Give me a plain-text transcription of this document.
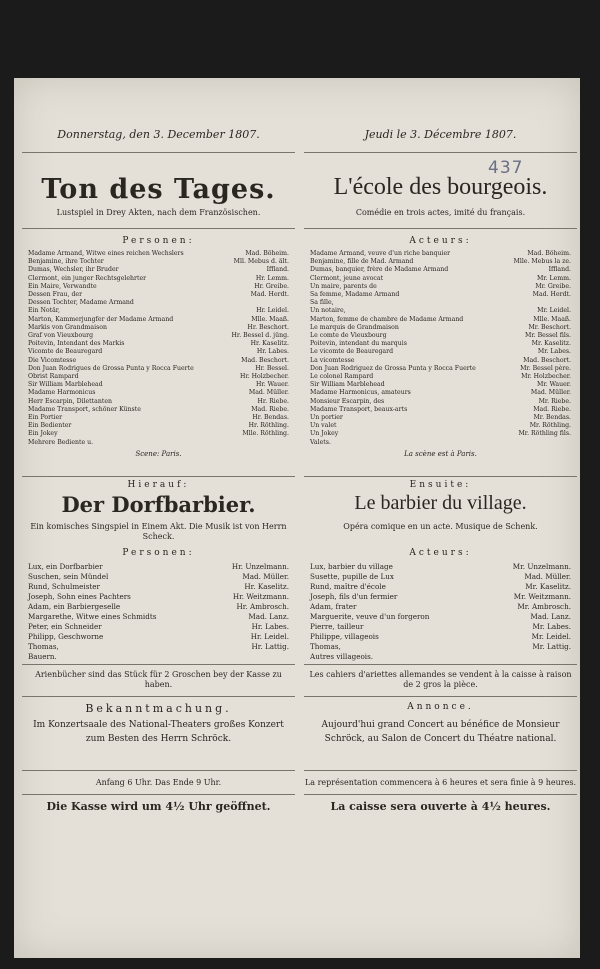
437
Donnerstag, den 3. December 1807.
Ton des Tages.
Lustspiel in Drey Akten, nach dem Französischen.
Personen:
Madame Armand, Witwe eines reichen Wechslers	Mad. Böheim.
Benjamine, ihre Tochter	Mll. Mebus d. ält.
Dumas, Wechsler, ihr Bruder	Iffland.
Clermont, ein junger Rechtsgelehrter	Hr. Lemm.
Ein Maire, Verwandte	Hr. Greibe.
Dessen Frau, der	Mad. Herdt.
Dessen Tochter, Madame Armand
Ein Notär,	Hr. Leidel.
Marton, Kammerjungfer der Madame Armand	Mlle. Maaß.
Markis von Grandmaison	Hr. Beschort.
Graf von Vieuxbourg	Hr. Bessel d. jüng.
Poitevin, Intendant des Markis	Hr. Kaselitz.
Vicomte de Beauregard	Hr. Labes.
Die Vicomtesse	Mad. Beschort.
Don Juan Rodrigues de Grossa Punta y Rocca Fuerte	Hr. Bessel.
Obrist Rampard	Hr. Holzbecher.
Sir William Marblehead	Hr. Wauer.
Madame Harmonicus	Mad. Müller.
Herr Escarpin, Dilettanten	Hr. Riebe.
Madame Transport, schöner Künste	Mad. Riebe.
Ein Portier	Hr. Bendas.
Ein Bedienter	Hr. Röthling.
Ein Jokey	Mlle. Röthling.
Mehrere Bediente u.
Scene: Paris.
Hierauf:
Der Dorfbarbier.
Ein komisches Singspiel in Einem Akt. Die Musik ist von Herrn Scheck.
Personen:
Lux, ein Dorfbarbier	Hr. Unzelmann.
Suschen, sein Mündel	Mad. Müller.
Rund, Schulmeister	Hr. Kaselitz.
Joseph, Sohn eines Pachters	Hr. Weitzmann.
Adam, ein Barbiergeselle	Hr. Ambrosch.
Margarethe, Witwe eines Schmidts	Mad. Lanz.
Peter, ein Schneider	Hr. Labes.
Philipp, Geschworne	Hr. Leidel.
Thomas,	Hr. Lattig.
Bauern.
Arienbücher sind das Stück für 2 Groschen bey der Kasse zu haben.
Bekanntmachung.
Im Konzertsaale des National-Theaters großes Konzert zum Besten des Herrn Schröck.
Anfang 6 Uhr. Das Ende 9 Uhr.
Die Kasse wird um 4½ Uhr geöffnet.
Jeudi le 3. Décembre 1807.
L'école des bourgeois.
Comédie en trois actes, imité du français.
Acteurs:
Madame Armand, veuve d'un riche banquier	Mad. Böheim.
Benjamine, fille de Mad. Armand	Mlle. Mebus la ze.
Dumas, banquier, frère de Madame Armand	Iffland.
Clermont, jeune avocat	Mr. Lemm.
Un maire, parents de	Mr. Greibe.
Sa femme, Madame Armand	Mad. Herdt.
Sa fille,
Un notaire,	Mr. Leidel.
Marton, femme de chambre de Madame Armand	Mlle. Maaß.
Le marquis de Grandmaison	Mr. Beschort.
Le comte de Vieuxbourg	Mr. Bessel fils.
Poitevin, intendant du marquis	Mr. Kaselitz.
Le vicomte de Beauregard	Mr. Labes.
La vicomtesse	Mad. Beschort.
Don Juan Rodriguez de Grossa Punta y Rocca Fuerte	Mr. Bessel père.
Le colonel Rampard	Mr. Holzbecher.
Sir William Marblehead	Mr. Wauer.
Madame Harmonicus, amateurs	Mad. Müller.
Monsieur Escarpin, des	Mr. Riebe.
Madame Transport, beaux-arts	Mad. Riebe.
Un portier	Mr. Bendas.
Un valet	Mr. Röthling.
Un Jokey	Mr. Röthling fils.
Valets.
La scène est à Paris.
Ensuite:
Le barbier du village.
Opéra comique en un acte. Musique de Schenk.
Acteurs:
Lux, barbier du village	Mr. Unzelmann.
Susette, pupille de Lux	Mad. Müller.
Rund, maître d'école	Mr. Kaselitz.
Joseph, fils d'un fermier	Mr. Weitzmann.
Adam, frater	Mr. Ambrosch.
Marguerite, veuve d'un forgeron	Mad. Lanz.
Pierre, tailleur	Mr. Labes.
Philippe, villageois	Mr. Leidel.
Thomas,	Mr. Lattig.
Autres villageois.
Les cahiers d'ariettes allemandes se vendent à la caisse à raison de 2 gros la pièce.
Annonce.
Aujourd'hui grand Concert au bénéfice de Monsieur Schröck, au Salon de Concert du Théatre national.
La représentation commencera à 6 heures et sera finie à 9 heures.
La caisse sera ouverte à 4½ heures.
